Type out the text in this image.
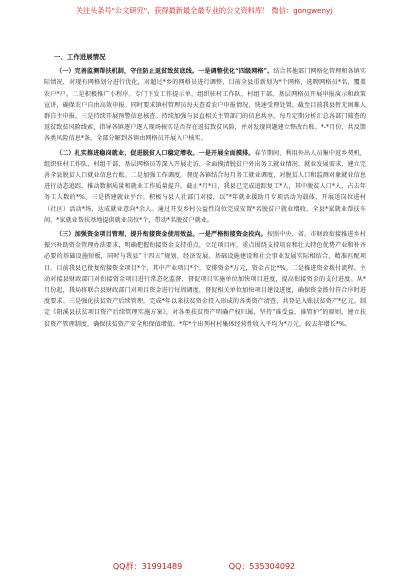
关注头条号"公文研究"，获得最新最全最专业的公文资料库！ 微信：gongwenyj
一、工作进展情况

（一）完善监测帮扶机制，守住防止返贫致贫底线。一是调整优化“四级网格”。结合其他部门网格化管理和各镇实际情况，对现有网格划分进行优化，对超过*乡的网格员进行调整，目前全县重新划为*个网格，选聘网格员*名，覆盖农户*户。二是积极推广小程序。专门下发工作提示单，组织驻村工作队、村组干部、基层网格员开展申报演示和政策宣讲，确保农户自由高效申报。同时要求镇村管理员每天查看农户申报情况，快速受理处置。截至目前我县暂无困难人群自主申报。三是持续开展预警信息核查。持续加强与县直相关主管部门的信息共享，每月定期分析汇总各部门筛查的返贫致贫风险线索，指导各镇逐户逐人现场核实是否存在返贫致贫风险，并对发现问题建立整改台账。*-*月份，共反馈各类风险信息*条，全部分解到各镇由网格员开展入户核实。

（二）扎实推进稳岗就业，促进脱贫人口稳定增收。一是开展全面摸排。春节期间，利用外出人员集中返乡契机，组织驻村工作队、村组干部、基层网格员等深入开展走访，全面摸清脱贫户外出务工就业情况、就业发展需求，建立完善全县脱贫人口就业信息台账。二是加强工作调度。督促各镇结合每月务工就业调度，对脱贫人口和监测对象就业信息进行动态追踪，推动数据质量和就业工作质量提升。截止*月*日，我县已完成追踪复工*人，其中脱贫人口*人，占去年务工人数的*%。三是搭建就业平台。积极与县人社部门对接，以“*年就业援助月专项活动为载体，开展送岗位进村（社区）活动*场，达成就业意向*余人。通过开发乡村公益性岗位完成安置*名脱贫户就业增收。全县*家就业帮扶车间、*家就业帮扶基地提供就业岗位*个，带动*名脱贫户就业。

（三）加强资金项目管理，提升衔接资金使用效益。一是严格衔接资金投向。按照中央、省、市财政衔接推进乡村振兴补助资金管理办法要求，明确把握衔接资金支持重点，立足项目库，重点围绕支持培育和壮大特色优势产业和补齐必要的基础设施短板，同时与我县“十四五”规划、经济发展、基础设施建设和社会事业发展实际相结合，精准匹配项目。目前我县已批复衔接资金项目*个，其中产业项目*个，安排资金*万元，资金占比*%。二是推进资金拨付流程。主动对接县财政部门对衔接资金项目进行常态化监督，督促项目实施单位加快项目进度，提高衔接资金的支付进度。从*月份起，我局将联合县财政部门对项目资金进行每周调度，督促相关单位加快项目建设进度，确保资金拨付符合序时进度要求。三是强化扶贫资产后续管理。完成*年以来扶贫资金投入形成的各类资产清查，共登记入账扶贫资产*亿元。制定《阳溪县扶贫项目资产后续管理实施方案》，对各类扶贫资产明确产权归属，坚持“谁受益、谁管护”的原则，建立扶贫资产管理制度，确保扶贫资产安全和保值增值。*年*个出列村村集体经营性收入平均为*万元，较去年增长*%。

QQ群：31991489	QQ：535304092
